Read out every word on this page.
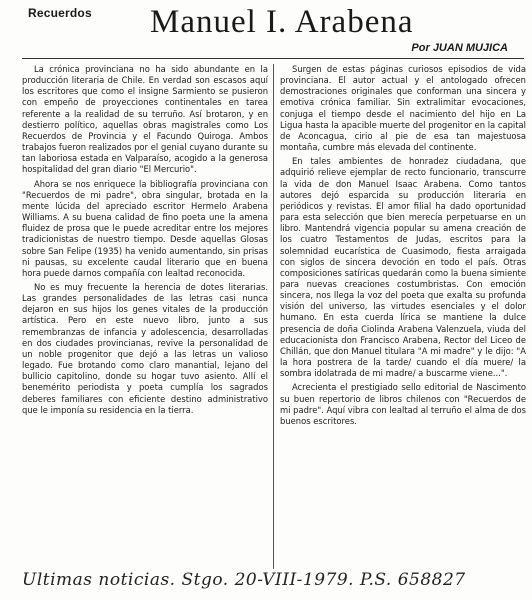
Recuerdos Manuel I. Arabena
Por JUAN MUJICA

La crónica provinciana no ha sido abundante en la producción literaria de Chile. En verdad son escasos aquí los escritores que como el insigne Sarmiento se pusieron con empeño de proyecciones continentales en tarea referente a la realidad de su terruño. Así brotaron, y en destierro político, aquellas obras magistrales como Los Recuerdos de Provincia y el Facundo Quiroga. Ambos trabajos fueron realizados por el genial cuyano durante su tan laboriosa estada en Valparaíso, acogido a la generosa hospitalidad del gran diario "El Mercurio".

Ahora se nos enriquece la bibliografía provinciana con "Recuerdos de mi padre", obra singular, brotada en la mente lúcida del apreciado escritor Hermelo Arabena Williams. A su buena calidad de fino poeta une la amena fluidez de prosa que le puede acreditar entre los mejores tradicionistas de nuestro tiempo. Desde aquellas Glosas sobre San Felipe (1935) ha venido aumentando, sin prisas ni pausas, su excelente caudal literario que en buena hora puede darnos compañía con lealtad reconocida.

No es muy frecuente la herencia de dotes literarias. Las grandes personalidades de las letras casi nunca dejaron en sus hijos los genes vitales de la producción artística. Pero en este nuevo libro, junto a sus remembranzas de infancia y adolescencia, desarrolladas en dos ciudades provincianas, revive la personalidad de un noble progenitor que dejó a las letras un valioso legado. Fue brotando como claro manantial, lejano del bullicio capitolino, donde su hogar tuvo asiento. Allí el benemérito periodista y poeta cumplía los sagrados deberes familiares con eficiente destino administrativo que le imponía su residencia en la tierra.

Surgen de estas páginas curiosos episodios de vida provinciana. El autor actual y el antologado ofrecen demostraciones originales que conforman una sincera y emotiva crónica familiar. Sin extralimitar evocaciones, conjuga el tiempo desde el nacimiento del hijo en La Ligua hasta la apacible muerte del progenitor en la capital de Aconcagua, cirio al pie de esa tan majestuosa montaña, cumbre más elevada del continente.

En tales ambientes de honradez ciudadana, que adquirió relieve ejemplar de recto funcionario, transcurre la vida de don Manuel Isaac Arabena. Como tantos autores dejó esparcida su producción literaria en periódicos y revistas. El amor filial ha dado oportunidad para esta selección que bien merecía perpetuarse en un libro. Mantendrá vigencia popular su amena creación de los cuatro Testamentos de Judas, escritos para la solemnidad eucarística de Cuasimodo, fiesta arraigada con siglos de sincera devoción en todo el país. Otras composiciones satíricas quedarán como la buena simiente para nuevas creaciones costumbristas. Con emoción sincera, nos llega la voz del poeta que exalta su profunda visión del universo, las virtudes esenciales y el dolor humano. En esta cuerda lírica se mantiene la dulce presencia de doña Ciolinda Arabena Valenzuela, viuda del educacionista don Francisco Arabena, Rector del Liceo de Chillán, que don Manuel titulara "A mi madre" y le dijo: "A la hora postrera de la tarde/ cuando el día muere/ la sombra idolatrada de mi madre/ a buscarme viene...".

Acrecienta el prestigiado sello editorial de Nascimento su buen repertorio de libros chilenos con "Recuerdos de mi padre". Aquí vibra con lealtad al terruño el alma de dos buenos escritores.

Ultimas noticias. Stgo. 20-VIII-1979. P.S. 658827
